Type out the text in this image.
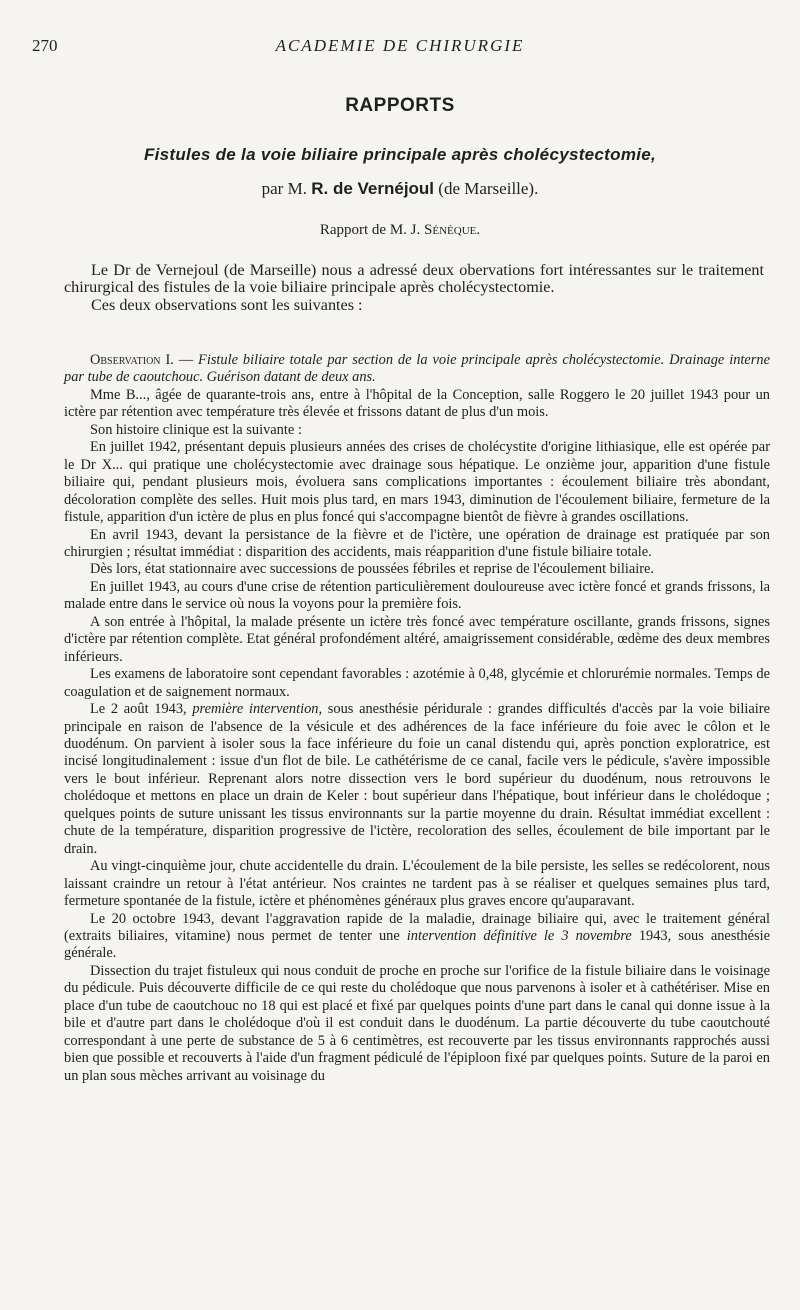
270	ACADEMIE DE CHIRURGIE
RAPPORTS
Fistules de la voie biliaire principale après cholécystectomie,
par M. R. de Vernéjoul (de Marseille).
Rapport de M. J. Sénèque.

Le Dr de Vernejoul (de Marseille) nous a adressé deux obervations fort intéressantes sur le traitement chirurgical des fistules de la voie biliaire principale après cholécystectomie.

Ces deux observations sont les suivantes :

Observation I. — Fistule biliaire totale par section de la voie principale après cholécystectomie. Drainage interne par tube de caoutchouc. Guérison datant de deux ans.

Mme B..., âgée de quarante-trois ans, entre à l'hôpital de la Conception, salle Roggero le 20 juillet 1943 pour un ictère par rétention avec température très élevée et frissons datant de plus d'un mois.

Son histoire clinique est la suivante :

En juillet 1942, présentant depuis plusieurs années des crises de cholécystite d'origine lithiasique, elle est opérée par le Dr X... qui pratique une cholécystectomie avec drainage sous hépatique. Le onzième jour, apparition d'une fistule biliaire qui, pendant plusieurs mois, évoluera sans complications importantes : écoulement biliaire très abondant, décoloration complète des selles. Huit mois plus tard, en mars 1943, diminution de l'écoulement biliaire, fermeture de la fistule, apparition d'un ictère de plus en plus foncé qui s'accompagne bientôt de fièvre à grandes oscillations.

En avril 1943, devant la persistance de la fièvre et de l'ictère, une opération de drainage est pratiquée par son chirurgien ; résultat immédiat : disparition des accidents, mais réapparition d'une fistule biliaire totale.

Dès lors, état stationnaire avec successions de poussées fébriles et reprise de l'écoulement biliaire.

En juillet 1943, au cours d'une crise de rétention particulièrement douloureuse avec ictère foncé et grands frissons, la malade entre dans le service où nous la voyons pour la première fois.

A son entrée à l'hôpital, la malade présente un ictère très foncé avec température oscillante, grands frissons, signes d'ictère par rétention complète. Etat général profondément altéré, amaigrissement considérable, œdème des deux membres inférieurs.

Les examens de laboratoire sont cependant favorables : azotémie à 0,48, glycémie et chlorurémie normales. Temps de coagulation et de saignement normaux.

Le 2 août 1943, première intervention, sous anesthésie péridurale : grandes difficultés d'accès par la voie biliaire principale en raison de l'absence de la vésicule et des adhérences de la face inférieure du foie avec le côlon et le duodénum. On parvient à isoler sous la face inférieure du foie un canal distendu qui, après ponction exploratrice, est incisé longitudinalement : issue d'un flot de bile. Le cathétérisme de ce canal, facile vers le pédicule, s'avère impossible vers le bout inférieur. Reprenant alors notre dissection vers le bord supérieur du duodénum, nous retrouvons le cholédoque et mettons en place un drain de Keler : bout supérieur dans l'hépatique, bout inférieur dans le cholédoque ; quelques points de suture unissant les tissus environnants sur la partie moyenne du drain. Résultat immédiat excellent : chute de la température, disparition progressive de l'ictère, recoloration des selles, écoulement de bile important par le drain.

Au vingt-cinquième jour, chute accidentelle du drain. L'écoulement de la bile persiste, les selles se redécolorent, nous laissant craindre un retour à l'état antérieur. Nos craintes ne tardent pas à se réaliser et quelques semaines plus tard, fermeture spontanée de la fistule, ictère et phénomènes généraux plus graves encore qu'auparavant.

Le 20 octobre 1943, devant l'aggravation rapide de la maladie, drainage biliaire qui, avec le traitement général (extraits biliaires, vitamine) nous permet de tenter une intervention définitive le 3 novembre 1943, sous anesthésie générale.

Dissection du trajet fistuleux qui nous conduit de proche en proche sur l'orifice de la fistule biliaire dans le voisinage du pédicule. Puis découverte difficile de ce qui reste du cholédoque que nous parvenons à isoler et à cathétériser. Mise en place d'un tube de caoutchouc no 18 qui est placé et fixé par quelques points d'une part dans le canal qui donne issue à la bile et d'autre part dans le cholédoque d'où il est conduit dans le duodénum. La partie découverte du tube caoutchouté correspondant à une perte de substance de 5 à 6 centimètres, est recouverte par les tissus environnants rapprochés aussi bien que possible et recouverts à l'aide d'un fragment pédiculé de l'épiploon fixé par quelques points. Suture de la paroi en un plan sous mèches arrivant au voisinage du
